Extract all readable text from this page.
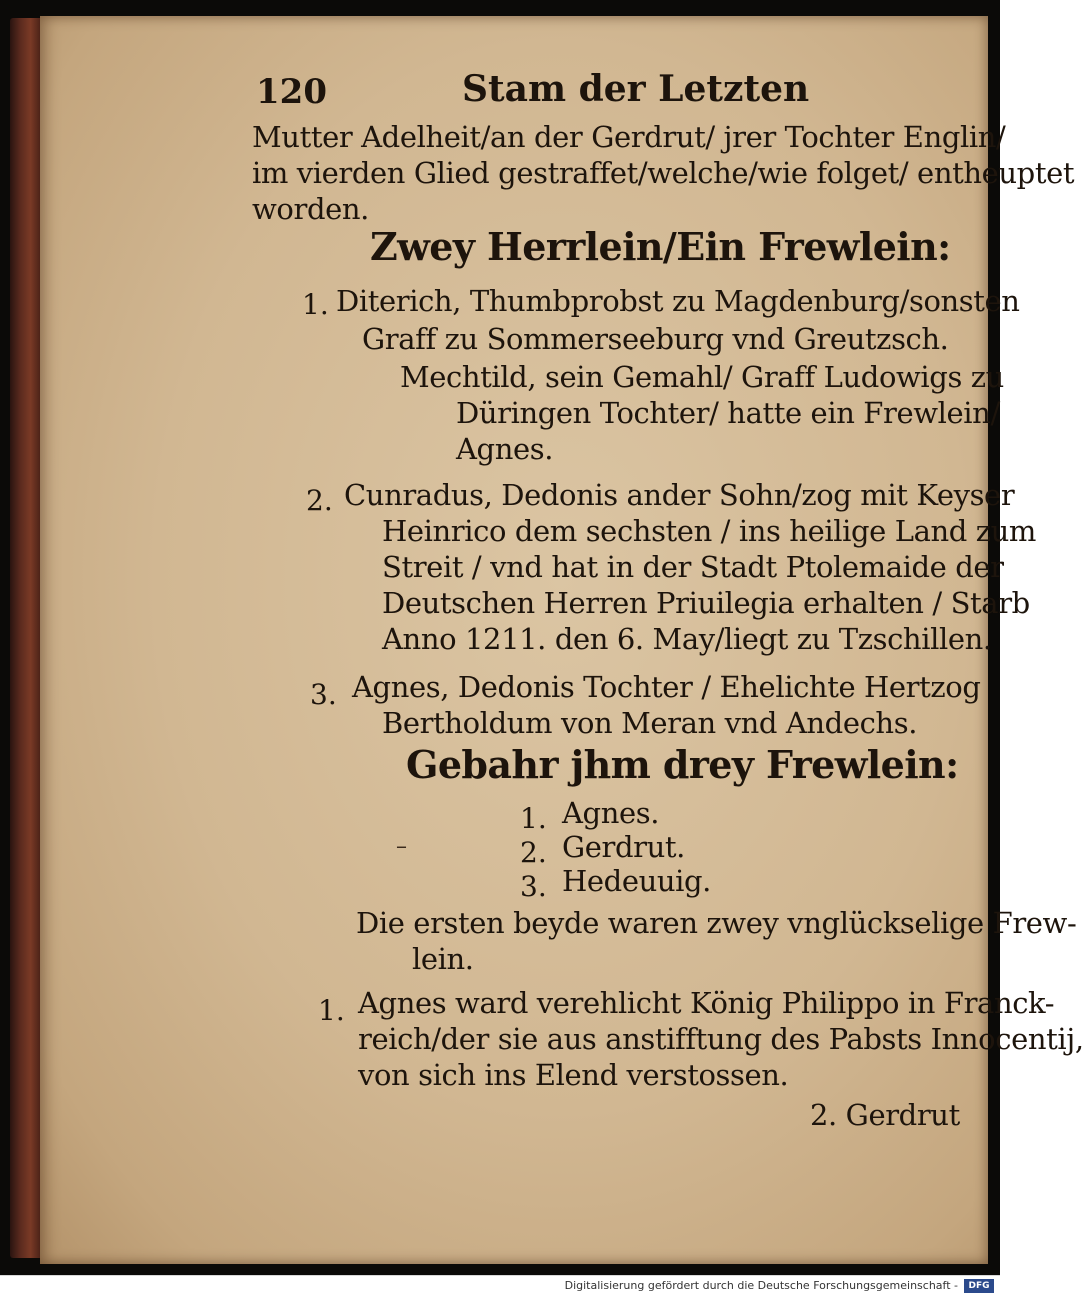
120	Stam der Letzten
Mutter Adelheit/an der Gerdrut/ jrer Tochter Englin/
im vierden Glied gestraffet/welche/wie folget/ entheuptet
worden.
Zwey Herrlein/Ein Frewlein:
1. Diterich, Thumbprobst zu Magdenburg/sonsten
Graff zu Sommerseeburg vnd Greutzsch.
Mechtild, sein Gemahl/ Graff Ludowigs zu
Düringen Tochter/ hatte ein Frewlein/
Agnes.
2. Cunradus, Dedonis ander Sohn/zog mit Keyser
Heinrico dem sechsten / ins heilige Land zum
Streit / vnd hat in der Stadt Ptolemaide der
Deutschen Herren Priuilegia erhalten / Starb
Anno 1211. den 6. May/liegt zu Tzschillen.
3. Agnes, Dedonis Tochter / Ehelichte Hertzog
Bertholdum von Meran vnd Andechs.
Gebahr jhm drey Frewlein:
1. Agnes.
–	2. Gerdrut.
3. Hedeuuig.
Die ersten beyde waren zwey vnglückselige Frew-
lein.
1. Agnes ward verehlicht König Philippo in Franck-
reich/der sie aus anstifftung des Pabsts Innocentij,
von sich ins Elend verstossen.
2. Gerdrut
Digitalisierung gefördert durch die Deutsche Forschungsgemeinschaft -	DFG
